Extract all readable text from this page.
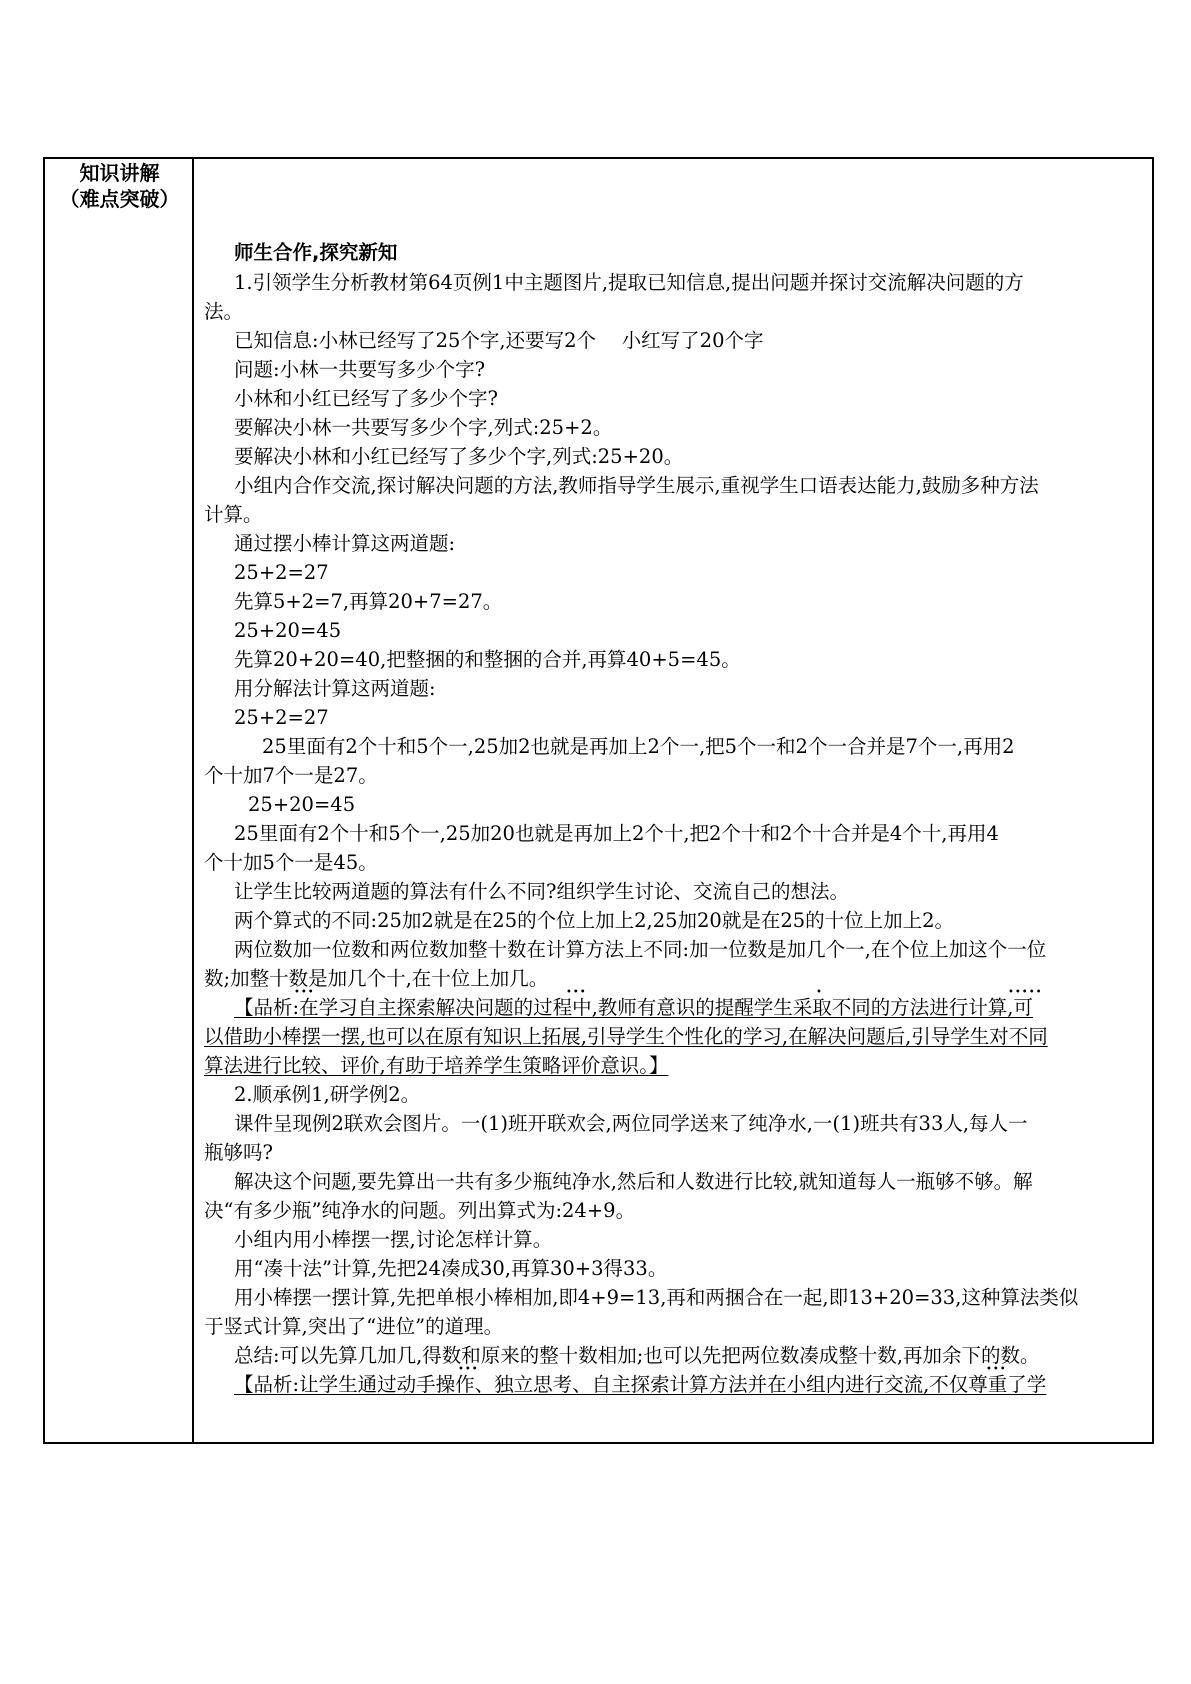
知识讲解
（难点突破）
师生合作,探究新知
1.引领学生分析教材第64页例1中主题图片,提取已知信息,提出问题并探讨交流解决问题的方
法。
已知信息:小林已经写了25个字,还要写2个　 小红写了20个字
问题:小林一共要写多少个字?
小林和小红已经写了多少个字?
要解决小林一共要写多少个字,列式:25+2。
要解决小林和小红已经写了多少个字,列式:25+20。
小组内合作交流,探讨解决问题的方法,教师指导学生展示,重视学生口语表达能力,鼓励多种方法
计算。
通过摆小棒计算这两道题:
25+2=27
先算5+2=7,再算20+7=27。
25+20=45
先算20+20=40,把整捆的和整捆的合并,再算40+5=45。
用分解法计算这两道题:
25+2=27
25里面有2个十和5个一,25加2也就是再加上2个一,把5个一和2个一合并是7个一,再用2
个十加7个一是27。
25+20=45
25里面有2个十和5个一,25加20也就是再加上2个十,把2个十和2个十合并是4个十,再用4
个十加5个一是45。
让学生比较两道题的算法有什么不同?组织学生讨论、交流自己的想法。
两个算式的不同:25加2就是在25的个位上加上2,25加20就是在25的十位上加上2。
两位数加一位数和两位数加整十数在计算方法上不同:加一位数是加几个一,在个位上加这个一位
数;加整十数是加几个十,在十位上加几。
•••	•••	•	•••••
【品析:在学习自主探索解决问题的过程中,教师有意识的提醒学生采取不同的方法进行计算,可
以借助小棒摆一摆,也可以在原有知识上拓展,引导学生个性化的学习,在解决问题后,引导学生对不同
算法进行比较、评价,有助于培养学生策略评价意识。】
2.顺承例1,研学例2。
课件呈现例2联欢会图片。一(1)班开联欢会,两位同学送来了纯净水,一(1)班共有33人,每人一
瓶够吗?
解决这个问题,要先算出一共有多少瓶纯净水,然后和人数进行比较,就知道每人一瓶够不够。解
决“有多少瓶”纯净水的问题。列出算式为:24+9。
小组内用小棒摆一摆,讨论怎样计算。
用“凑十法”计算,先把24凑成30,再算30+3得33。
用小棒摆一摆计算,先把单根小棒相加,即4+9=13,再和两捆合在一起,即13+20=33,这种算法类似
于竖式计算,突出了“进位”的道理。
总结:可以先算几加几,得数和原来的整十数相加;也可以先把两位数凑成整十数,再加余下的数。
•••	•••
【品析:让学生通过动手操作、独立思考、自主探索计算方法并在小组内进行交流,不仅尊重了学
